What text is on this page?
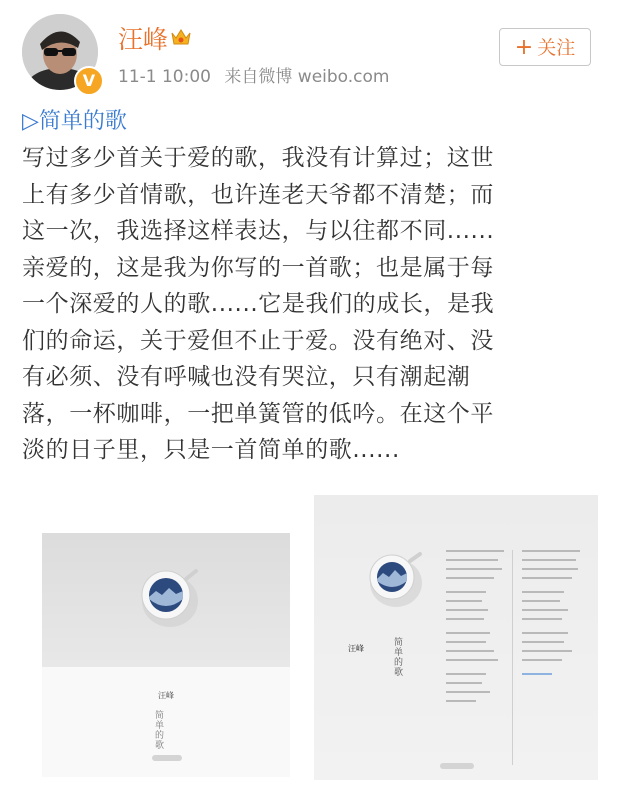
V
汪峰
11-1 10:00 来自微博 weibo.com
+ 关注
▷简单的歌

写过多少首关于爱的歌，我没有计算过；这世

上有多少首情歌，也许连老天爷都不清楚；而

这一次，我选择这样表达，与以往都不同......

亲爱的，这是我为你写的一首歌；也是属于每

一个深爱的人的歌......它是我们的成长，是我

们的命运，关于爱但不止于爱。没有绝对、没

有必须、没有呼喊也没有哭泣，只有潮起潮

落，一杯咖啡，一把单簧管的低吟。在这个平

淡的日子里，只是一首简单的歌......

汪峰
简单的歌
汪峰
简单的歌
